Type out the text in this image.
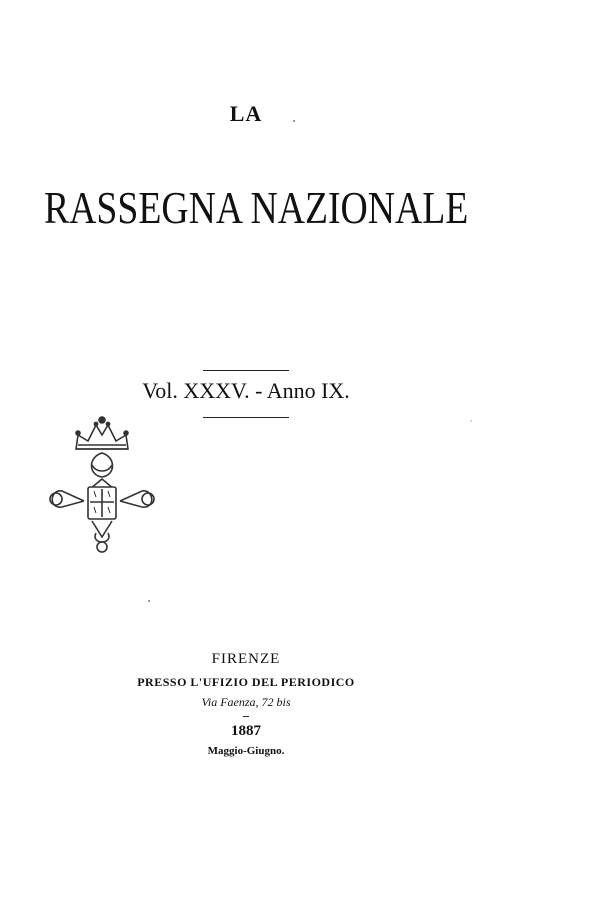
LA
RASSEGNA NAZIONALE
Vol. XXXV. - Anno IX.
FIRENZE
PRESSO L'UFIZIO DEL PERIODICO
Via Faenza, 72 bis
1887
Maggio-Giugno.
